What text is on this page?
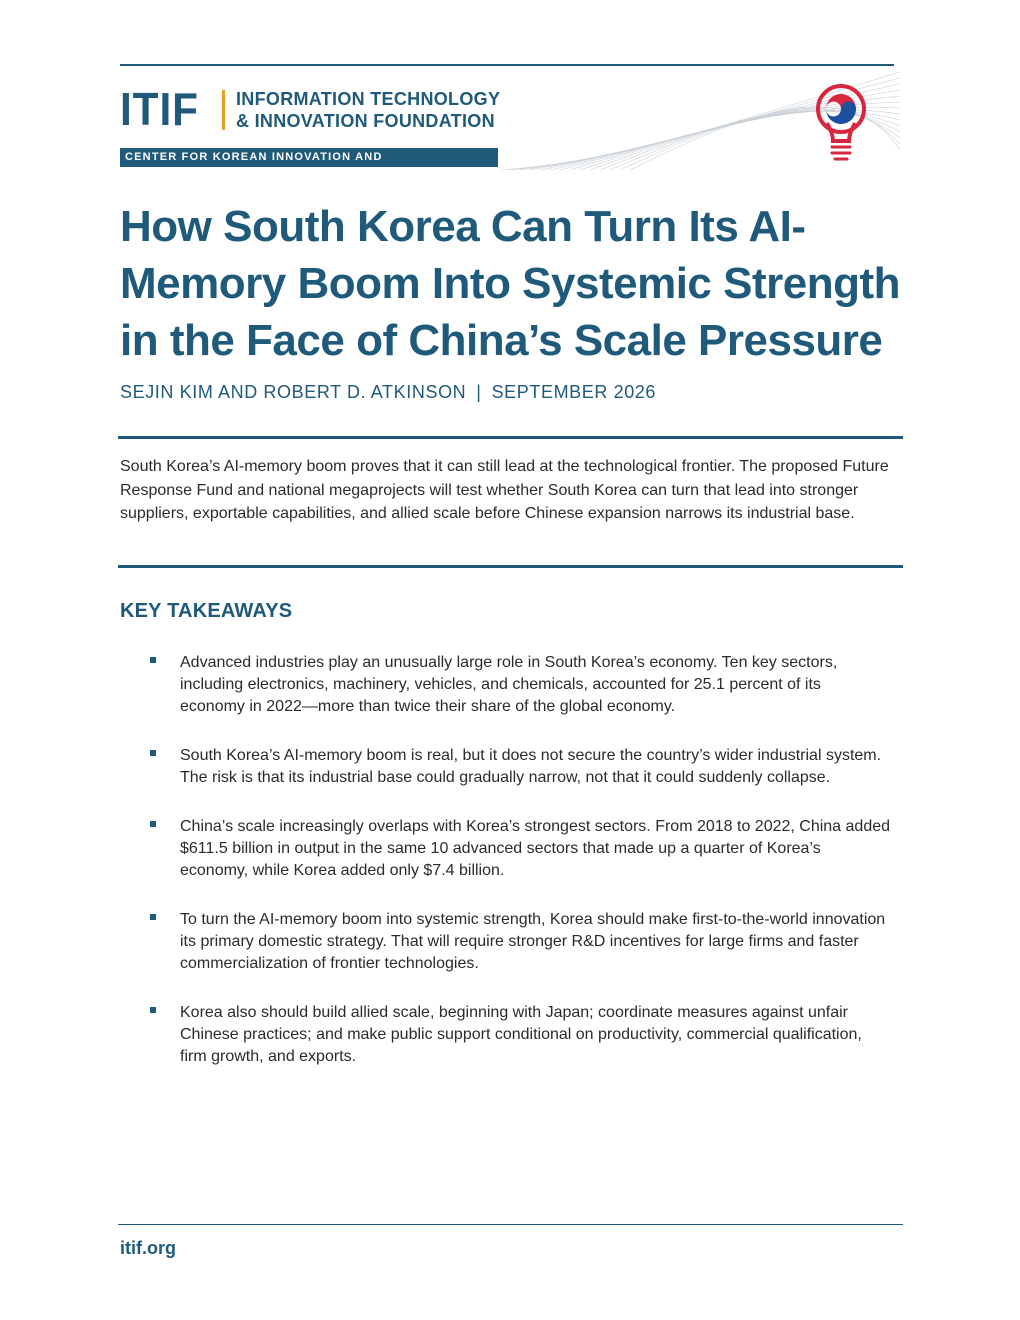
ITIF INFORMATION TECHNOLOGY
& INNOVATION FOUNDATION
CENTER FOR KOREAN INNOVATION AND COMPETITIVENESS
How South Korea Can Turn Its AI-Memory Boom Into Systemic Strength in the Face of China’s Scale Pressure
SEJIN KIM AND ROBERT D. ATKINSON | SEPTEMBER 2026

South Korea’s AI-memory boom proves that it can still lead at the technological frontier. The proposed Future Response Fund and national megaprojects will test whether South Korea can turn that lead into stronger suppliers, exportable capabilities, and allied scale before Chinese expansion narrows its industrial base.

KEY TAKEAWAYS
Advanced industries play an unusually large role in South Korea’s economy. Ten key sectors, including electronics, machinery, vehicles, and chemicals, accounted for 25.1 percent of its economy in 2022—more than twice their share of the global economy.
South Korea’s AI-memory boom is real, but it does not secure the country’s wider industrial system. The risk is that its industrial base could gradually narrow, not that it could suddenly collapse.
China’s scale increasingly overlaps with Korea’s strongest sectors. From 2018 to 2022, China added $611.5 billion in output in the same 10 advanced sectors that made up a quarter of Korea’s economy, while Korea added only $7.4 billion.
To turn the AI-memory boom into systemic strength, Korea should make first-to-the-world innovation its primary domestic strategy. That will require stronger R&D incentives for large firms and faster commercialization of frontier technologies.
Korea also should build allied scale, beginning with Japan; coordinate measures against unfair Chinese practices; and make public support conditional on productivity, commercial qualification, firm growth, and exports.
itif.org
